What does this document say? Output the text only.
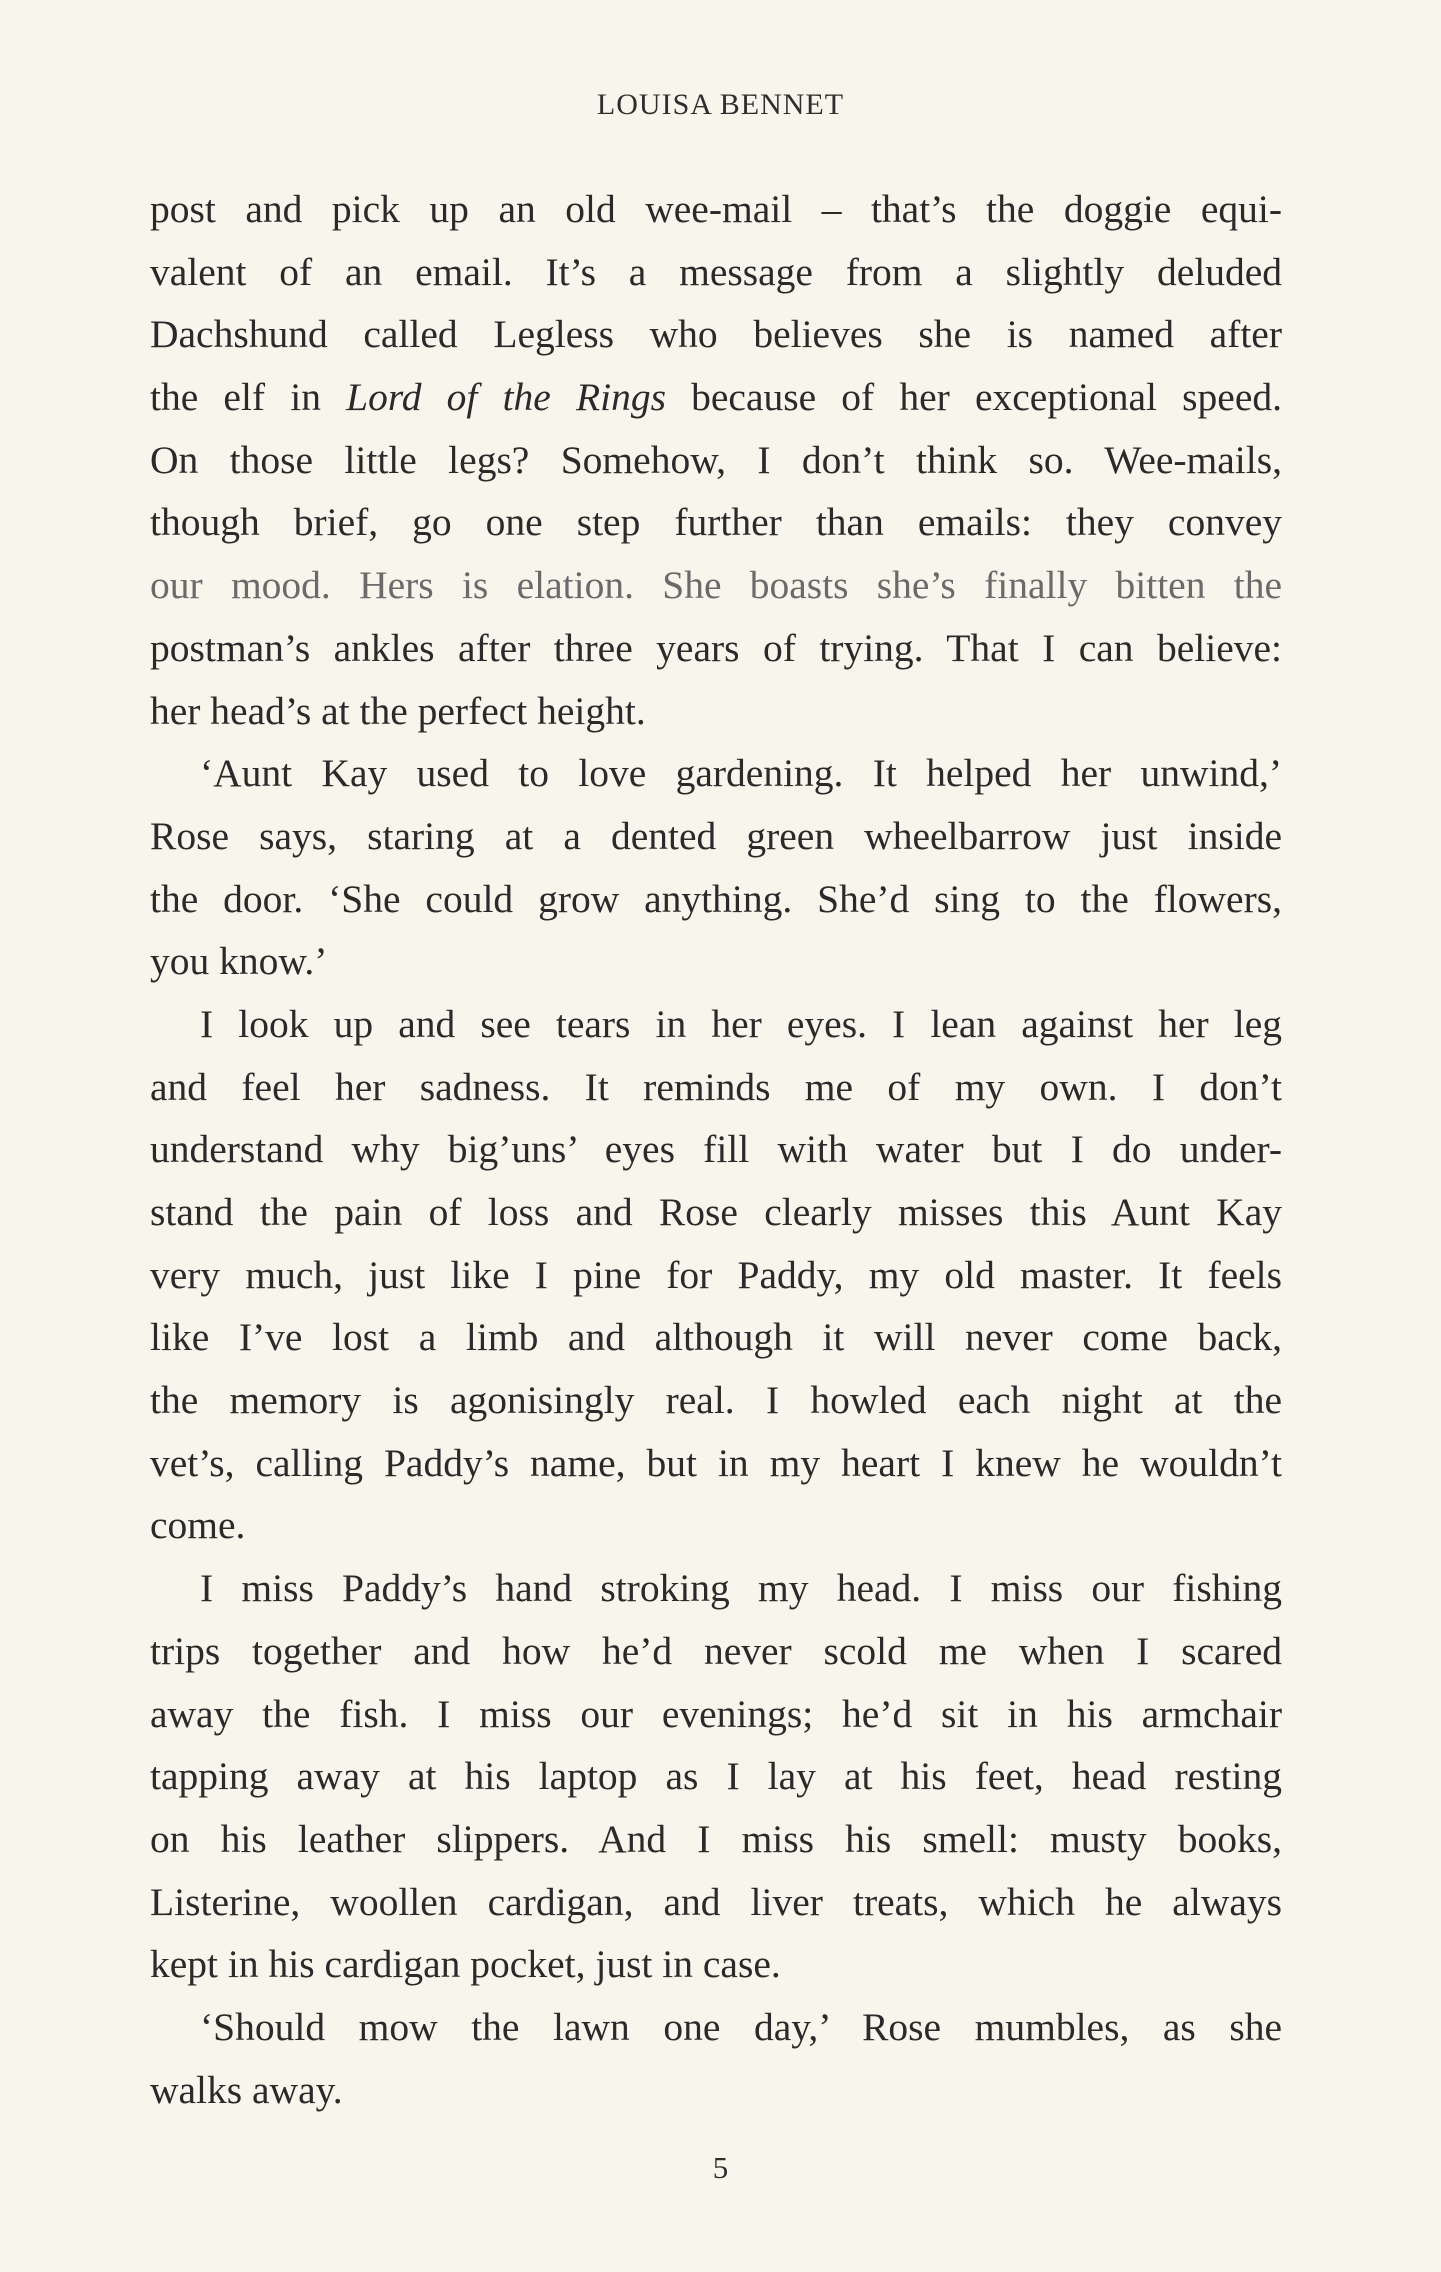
LOUISA BENNET
post and pick up an old wee-mail – that’s the doggie equi-
valent of an email. It’s a message from a slightly deluded
Dachshund called Legless who believes she is named after
the elf in Lord of the Rings because of her exceptional speed.
On those little legs? Somehow, I don’t think so. Wee-mails,
though brief, go one step further than emails: they convey
our mood. Hers is elation. She boasts she’s finally bitten the
postman’s ankles after three years of trying. That I can believe:
her head’s at the perfect height.
‘Aunt Kay used to love gardening. It helped her unwind,’
Rose says, staring at a dented green wheelbarrow just inside
the door. ‘She could grow anything. She’d sing to the flowers,
you know.’
I look up and see tears in her eyes. I lean against her leg
and feel her sadness. It reminds me of my own. I don’t
understand why big’uns’ eyes fill with water but I do under-
stand the pain of loss and Rose clearly misses this Aunt Kay
very much, just like I pine for Paddy, my old master. It feels
like I’ve lost a limb and although it will never come back,
the memory is agonisingly real. I howled each night at the
vet’s, calling Paddy’s name, but in my heart I knew he wouldn’t
come.
I miss Paddy’s hand stroking my head. I miss our fishing
trips together and how he’d never scold me when I scared
away the fish. I miss our evenings; he’d sit in his armchair
tapping away at his laptop as I lay at his feet, head resting
on his leather slippers. And I miss his smell: musty books,
Listerine, woollen cardigan, and liver treats, which he always
kept in his cardigan pocket, just in case.
‘Should mow the lawn one day,’ Rose mumbles, as she
walks away.
5
